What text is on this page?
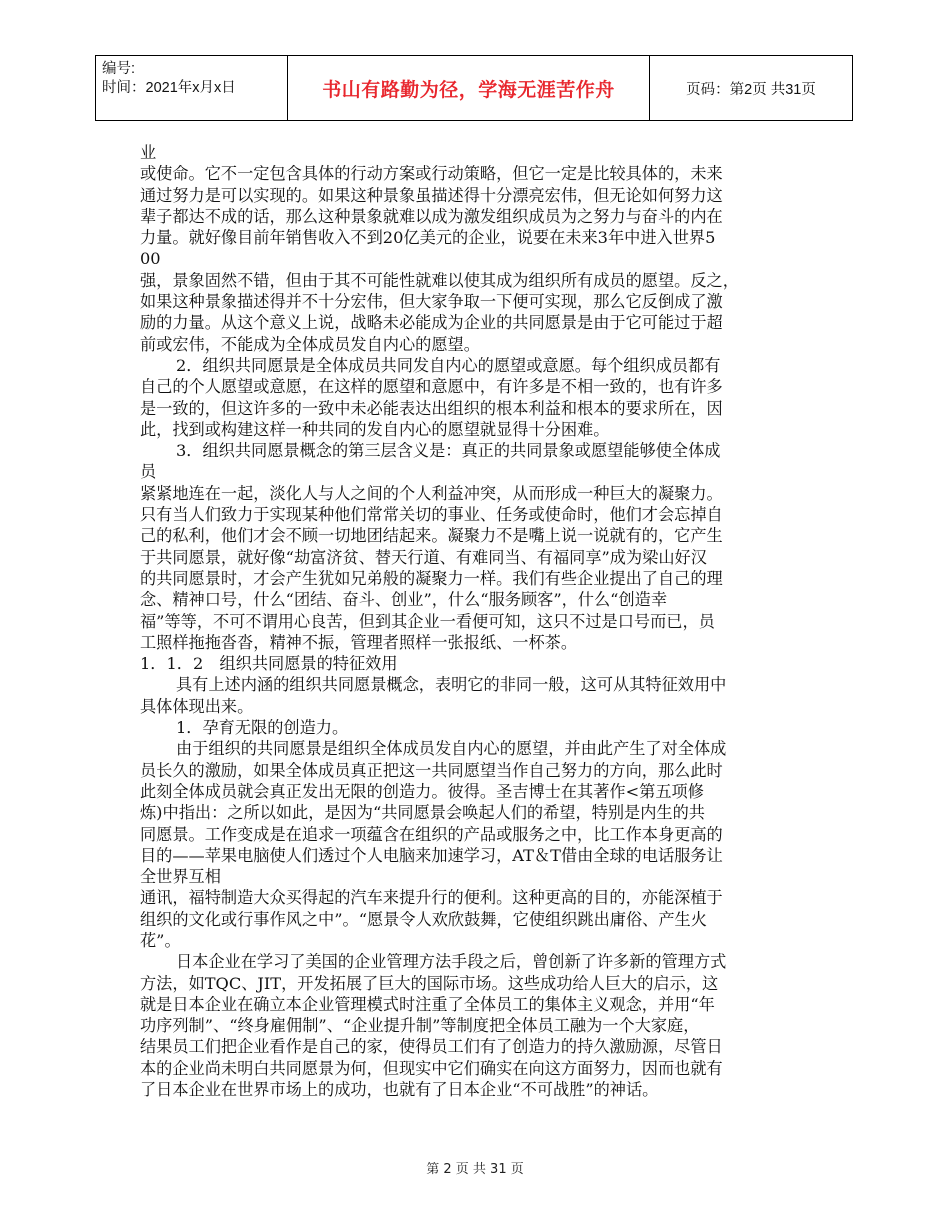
编号:
时间：2021年x月x日	书山有路勤为径，学海无涯苦作舟	页码：第2页 共31页

业

或使命。它不一定包含具体的行动方案或行动策略，但它一定是比较具体的，未来

通过努力是可以实现的。如果这种景象虽描述得十分漂亮宏伟，但无论如何努力这

辈子都达不成的话，那么这种景象就难以成为激发组织成员为之努力与奋斗的内在

力量。就好像目前年销售收入不到20亿美元的企业，说要在未来3年中进入世界5

00

强，景象固然不错，但由于其不可能性就难以使其成为组织所有成员的愿望。反之，

如果这种景象描述得并不十分宏伟，但大家争取一下便可实现，那么它反倒成了激

励的力量。从这个意义上说，战略未必能成为企业的共同愿景是由于它可能过于超

前或宏伟，不能成为全体成员发自内心的愿望。

2．组织共同愿景是全体成员共同发自内心的愿望或意愿。每个组织成员都有

自己的个人愿望或意愿，在这样的愿望和意愿中，有许多是不相一致的，也有许多

是一致的，但这许多的一致中未必能表达出组织的根本利益和根本的要求所在，因

此，找到或构建这样一种共同的发自内心的愿望就显得十分困难。

3．组织共同愿景概念的第三层含义是：真正的共同景象或愿望能够使全体成

员

紧紧地连在一起，淡化人与人之间的个人利益冲突，从而形成一种巨大的凝聚力。

只有当人们致力于实现某种他们常常关切的事业、任务或使命时，他们才会忘掉自

己的私利，他们才会不顾一切地团结起来。凝聚力不是嘴上说一说就有的，它产生

于共同愿景，就好像“劫富济贫、替天行道、有难同当、有福同享”成为梁山好汉

的共同愿景时，才会产生犹如兄弟般的凝聚力一样。我们有些企业提出了自己的理

念、精神口号，什么“团结、奋斗、创业”，什么“服务顾客”，什么“创造幸

福”等等，不可不谓用心良苦，但到其企业一看便可知，这只不过是口号而已，员

工照样拖拖沓沓，精神不振，管理者照样一张报纸、一杯茶。

1．1．2　组织共同愿景的特征效用

具有上述内涵的组织共同愿景概念，表明它的非同一般，这可从其特征效用中

具体体现出来。

1．孕育无限的创造力。

由于组织的共同愿景是组织全体成员发自内心的愿望，并由此产生了对全体成

员长久的激励，如果全体成员真正把这一共同愿望当作自己努力的方向，那么此时

此刻全体成员就会真正发出无限的创造力。彼得。圣吉博士在其著作<第五项修

炼)中指出：之所以如此，是因为“共同愿景会唤起人们的希望，特别是内生的共

同愿景。工作变成是在追求一项蕴含在组织的产品或服务之中，比工作本身更高的

目的——苹果电脑使人们透过个人电脑来加速学习，AT＆T借由全球的电话服务让

全世界互相

通讯，福特制造大众买得起的汽车来提升行的便利。这种更高的目的，亦能深植于

组织的文化或行事作风之中”。“愿景令人欢欣鼓舞，它使组织跳出庸俗、产生火

花”。

日本企业在学习了美国的企业管理方法手段之后，曾创新了许多新的管理方式

方法，如TQC、JIT，开发拓展了巨大的国际市场。这些成功给人巨大的启示，这

就是日本企业在确立本企业管理模式时注重了全体员工的集体主义观念，并用“年

功序列制”、“终身雇佣制”、“企业提升制”等制度把全体员工融为一个大家庭，

结果员工们把企业看作是自己的家，使得员工们有了创造力的持久激励源，尽管日

本的企业尚未明白共同愿景为何，但现实中它们确实在向这方面努力，因而也就有

了日本企业在世界市场上的成功，也就有了日本企业“不可战胜”的神话。

第 2 页 共 31 页
